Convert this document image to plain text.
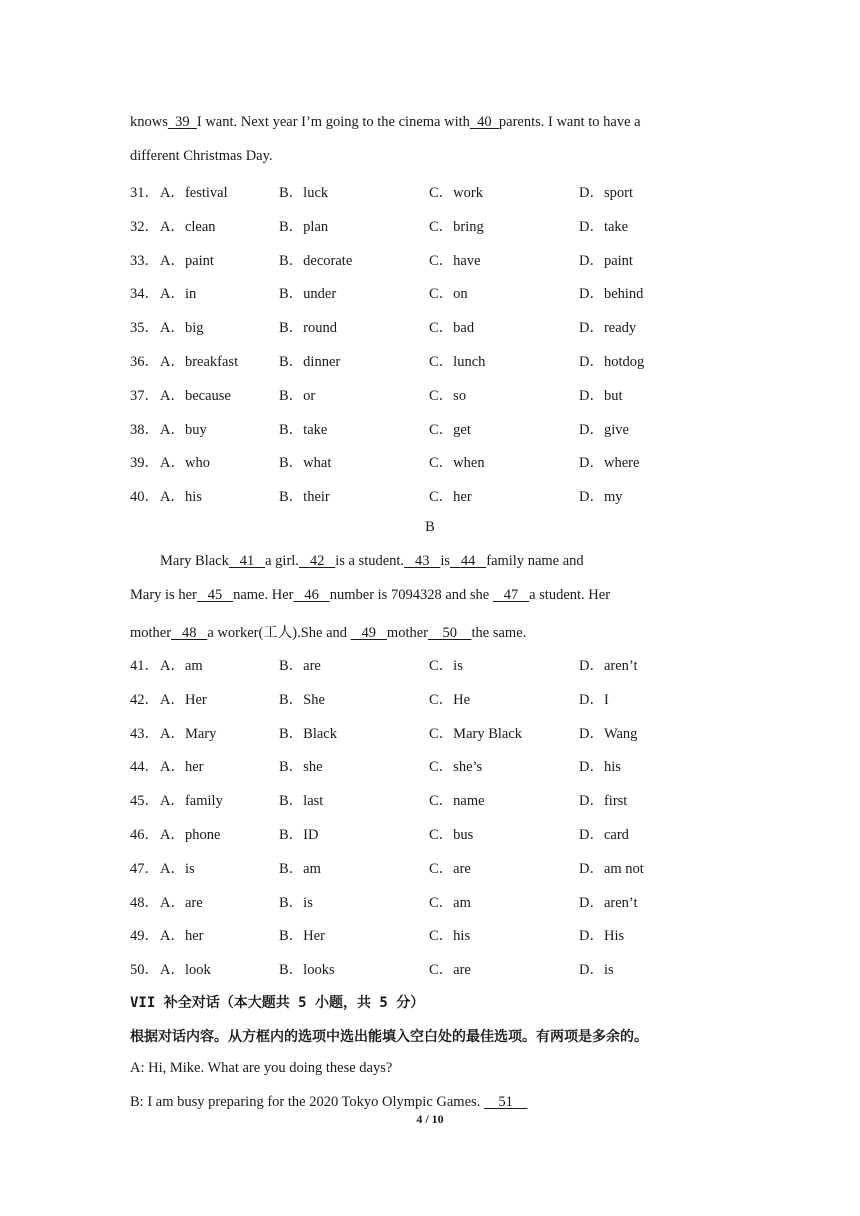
knows 39 I want. Next year I’m going to the cinema with 40 parents. I want to have a
different Christmas Day.
31． A．festival	B．luck	C．work	D．sport
32． A．clean	B．plan	C．bring	D．take
33． A．paint	B．decorate	C．have	D．paint
34． A．in	B．under	C．on	D．behind
35． A．big	B．round	C．bad	D．ready
36． A．breakfast	B．dinner	C．lunch	D．hotdog
37． A．because	B．or	C．so	D．but
38． A．buy	B．take	C．get	D．give
39． A．who	B．what	C．when	D．where
40． A．his	B．their	C．her	D．my
B
Mary Black 41 a girl. 42 is a student. 43 is 44 family name and
Mary is her 45 name. Her 46 number is 7094328 and she    47 a student. Her
mother 48 a worker(工人).She and    49 mother 50 the same.
41． A．am	B．are	C．is	D．aren’t
42． A．Her	B．She	C．He	D．I
43． A．Mary	B．Black	C．Mary Black	D．Wang
44． A．her	B．she	C．she’s	D．his
45． A．family	B．last	C．name	D．first
46． A．phone	B．ID	C．bus	D．card
47． A．is	B．am	C．are	D．am not
48． A．are	B．is	C．am	D．aren’t
49． A．her	B．Her	C．his	D．His
50． A．look	B．looks	C．are	D．is
VII 补全对话（本大题共 5 小题，共 5 分）
根据对话内容。从方框内的选项中选出能填入空白处的最佳选项。有两项是多余的。
A: Hi, Mike. What are you doing these days?
B: I am busy preparing for the 2020 Tokyo Olympic Games.     51
4 / 10
